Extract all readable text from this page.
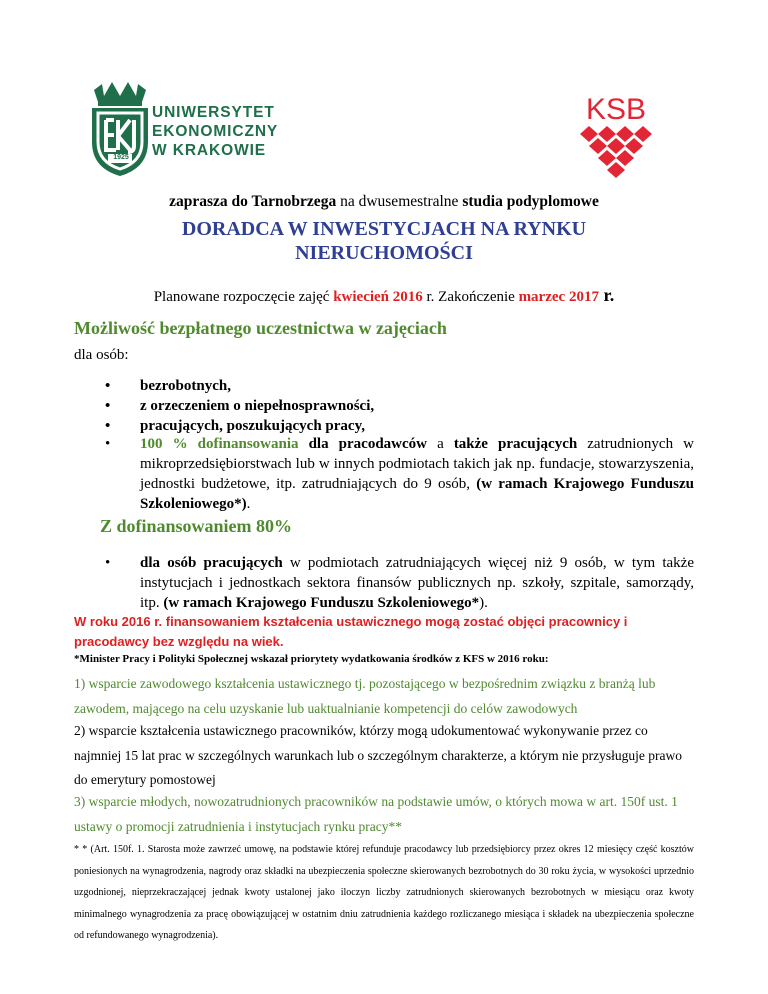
1925
UNIWERSYTET
EKONOMICZNY
W KRAKOWIE
KSB
zaprasza do Tarnobrzega na dwusemestralne studia podyplomowe
DORADCA W INWESTYCJACH NA RYNKU
NIERUCHOMOŚCI
Planowane rozpoczęcie zajęć kwiecień 2016 r. Zakończenie marzec 2017 r.
Możliwość bezpłatnego uczestnictwa w zajęciach
dla osób:
• bezrobotnych,
• z orzeczeniem o niepełnosprawności,
• pracujących, poszukujących pracy,
• 100 % dofinansowania dla pracodawców a także pracujących zatrudnionych w mikroprzedsiębiorstwach lub w innych podmiotach takich jak np. fundacje, stowarzyszenia, jednostki budżetowe, itp. zatrudniających do 9 osób, (w ramach Krajowego Funduszu Szkoleniowego*).
Z dofinansowaniem 80%
• dla osób pracujących w podmiotach zatrudniających więcej niż 9 osób, w tym także instytucjach i jednostkach sektora finansów publicznych np. szkoły, szpitale, samorządy, itp. (w ramach Krajowego Funduszu Szkoleniowego*).
W roku 2016 r. finansowaniem kształcenia ustawicznego mogą zostać objęci pracownicy i pracodawcy bez względu na wiek.
*Minister Pracy i Polityki Społecznej wskazał priorytety wydatkowania środków z KFS w 2016 roku:
1) wsparcie zawodowego kształcenia ustawicznego tj. pozostającego w bezpośrednim związku z branżą lub zawodem, mającego na celu uzyskanie lub uaktualnianie kompetencji do celów zawodowych
2) wsparcie kształcenia ustawicznego pracowników, którzy mogą udokumentować wykonywanie przez co najmniej 15 lat prac w szczególnych warunkach lub o szczególnym charakterze, a którym nie przysługuje prawo do emerytury pomostowej
3) wsparcie młodych, nowozatrudnionych pracowników na podstawie umów, o których mowa w art. 150f ust. 1 ustawy o promocji zatrudnienia i instytucjach rynku pracy**
* * (Art. 150f. 1. Starosta może zawrzeć umowę, na podstawie której refunduje pracodawcy lub przedsiębiorcy przez okres 12 miesięcy część kosztów poniesionych na wynagrodzenia, nagrody oraz składki na ubezpieczenia społeczne skierowanych bezrobotnych do 30 roku życia, w wysokości uprzednio uzgodnionej, nieprzekraczającej jednak kwoty ustalonej jako iloczyn liczby zatrudnionych skierowanych bezrobotnych w miesiącu oraz kwoty minimalnego wynagrodzenia za pracę obowiązującej w ostatnim dniu zatrudnienia każdego rozliczanego miesiąca i składek na ubezpieczenia społeczne od refundowanego wynagrodzenia).
